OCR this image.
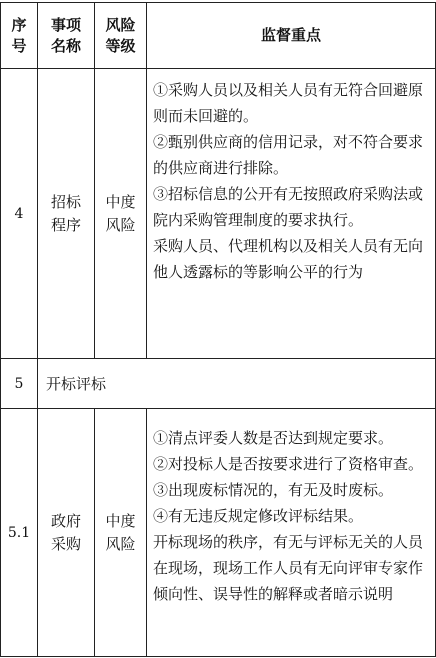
序号	事项名称	风险等级	监督重点
4	招标程序	中度风险	①采购人员以及相关人员有无符合回避原则而未回避的。
②甄别供应商的信用记录，对不符合要求的供应商进行排除。
③招标信息的公开有无按照政府采购法或院内采购管理制度的要求执行。
采购人员、代理机构以及相关人员有无向他人透露标的等影响公平的行为

5	开标评标		
5.1	政府采购	中度风险	①清点评委人数是否达到规定要求。
②对投标人是否按要求进行了资格审查。
③出现废标情况的，有无及时废标。
④有无违反规定修改评标结果。
开标现场的秩序，有无与评标无关的人员在现场，现场工作人员有无向评审专家作倾向性、误导性的解释或者暗示说明
